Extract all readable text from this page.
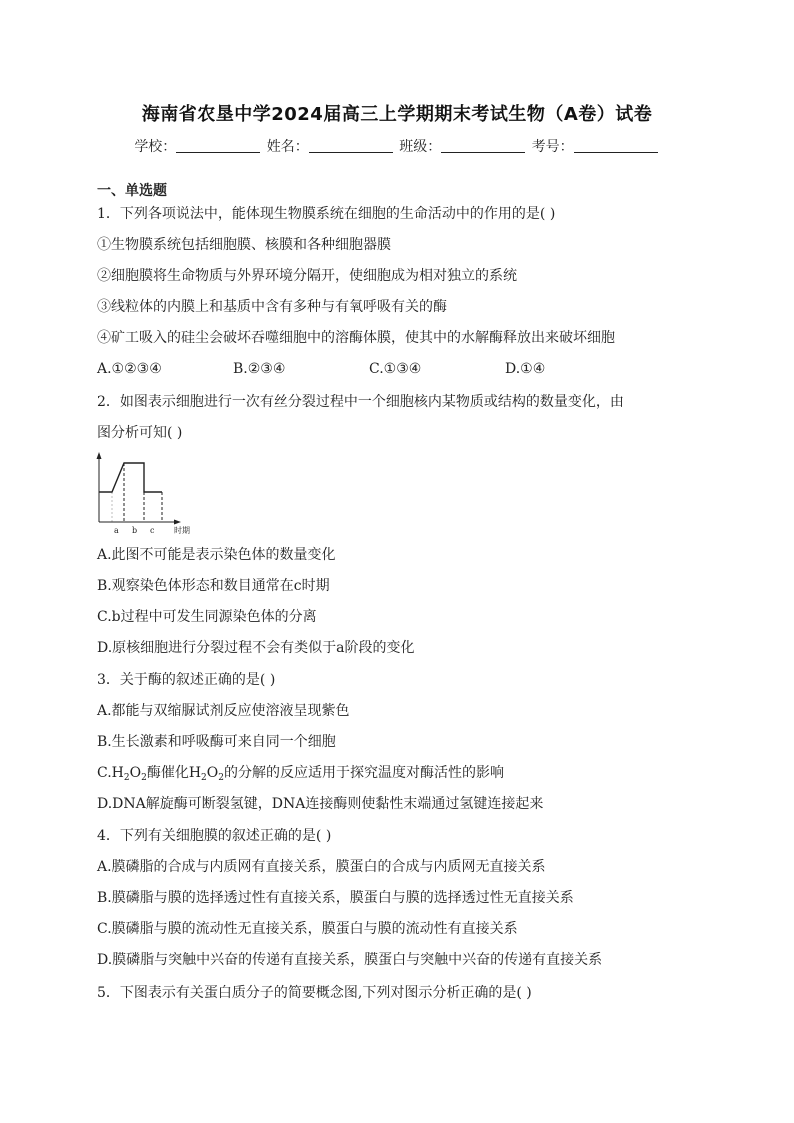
海南省农垦中学2024届高三上学期期末考试生物（A卷）试卷
学校：	姓名：	班级：	考号：
一、单选题
1．下列各项说法中，能体现生物膜系统在细胞的生命活动中的作用的是( )
①生物膜系统包括细胞膜、核膜和各种细胞器膜
②细胞膜将生命物质与外界环境分隔开，使细胞成为相对独立的系统
③线粒体的内膜上和基质中含有多种与有氧呼吸有关的酶
④矿工吸入的硅尘会破坏吞噬细胞中的溶酶体膜，使其中的水解酶释放出来破坏细胞
A.①②③④	B.②③④	C.①③④	D.①④
2．如图表示细胞进行一次有丝分裂过程中一个细胞核内某物质或结构的数量变化，由
图分析可知( )
a b c 时期
A.此图不可能是表示染色体的数量变化
B.观察染色体形态和数目通常在c时期
C.b过程中可发生同源染色体的分离
D.原核细胞进行分裂过程不会有类似于a阶段的变化
3．关于酶的叙述正确的是( )
A.都能与双缩脲试剂反应使溶液呈现紫色
B.生长激素和呼吸酶可来自同一个细胞
$C.H_2O_2$酶催化$H_2O_2$的分解的反应适用于探究温度对酶活性的影响
D.DNA解旋酶可断裂氢键，DNA连接酶则使黏性末端通过氢键连接起来
4．下列有关细胞膜的叙述正确的是( )
A.膜磷脂的合成与内质网有直接关系，膜蛋白的合成与内质网无直接关系
B.膜磷脂与膜的选择透过性有直接关系，膜蛋白与膜的选择透过性无直接关系
C.膜磷脂与膜的流动性无直接关系，膜蛋白与膜的流动性有直接关系
D.膜磷脂与突触中兴奋的传递有直接关系，膜蛋白与突触中兴奋的传递有直接关系
5．下图表示有关蛋白质分子的简要概念图,下列对图示分析正确的是( )
